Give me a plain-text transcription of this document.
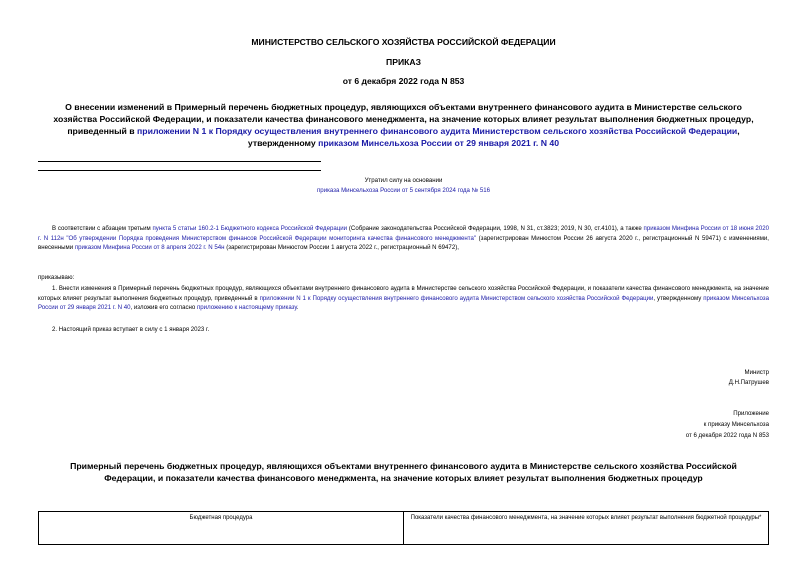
МИНИСТЕРСТВО СЕЛЬСКОГО ХОЗЯЙСТВА РОССИЙСКОЙ ФЕДЕРАЦИИ
ПРИКАЗ
от 6 декабря 2022 года N 853
О внесении изменений в Примерный перечень бюджетных процедур, являющихся объектами внутреннего финансового аудита в Министерстве сельского хозяйства Российской Федерации, и показатели качества финансового менеджмента, на значение которых влияет результат выполнения бюджетных процедур, приведенный в приложении N 1 к Порядку осуществления внутреннего финансового аудита Министерством сельского хозяйства Российской Федерации, утвержденному приказом Минсельхоза России от 29 января 2021 г. N 40
Утратил силу на основании
приказа Минсельхоза России от 5 сентября 2024 года № 516
В соответствии с абзацем третьим пункта 5 статьи 160.2-1 Бюджетного кодекса Российской Федерации (Собрание законодательства Российской Федерации, 1998, N 31, ст.3823; 2019, N 30, ст.4101), а также приказом Минфина России от 18 июня 2020 г. N 112н "Об утверждении Порядка проведения Министерством финансов Российской Федерации мониторинга качества финансового менеджмента" (зарегистрирован Минюстом России 26 августа 2020 г., регистрационный N 59471) с изменениями, внесенными приказом Минфина России от 8 апреля 2022 г. N 54н (зарегистрирован Минюстом России 1 августа 2022 г., регистрационный N 69472),
приказываю:
1. Внести изменения в Примерный перечень бюджетных процедур, являющихся объектами внутреннего финансового аудита в Министерстве сельского хозяйства Российской Федерации, и показатели качества финансового менеджмента, на значение которых влияет результат выполнения бюджетных процедур, приведенный в приложении N 1 к Порядку осуществления внутреннего финансового аудита Министерством сельского хозяйства Российской Федерации, утвержденному приказом Минсельхоза России от 29 января 2021 г. N 40, изложив его согласно приложению к настоящему приказу.
2. Настоящий приказ вступает в силу с 1 января 2023 г.
Министр
Д.Н.Патрушев
Приложение
к приказу Минсельхоза
от 6 декабря 2022 года N 853
Примерный перечень бюджетных процедур, являющихся объектами внутреннего финансового аудита в Министерстве сельского хозяйства Российской Федерации, и показатели качества финансового менеджмента, на значение которых влияет результат выполнения бюджетных процедур
Бюджетная процедура	Показатели качества финансового менеджмента, на значение которых влияет результат выполнения бюджетной процедуры*
